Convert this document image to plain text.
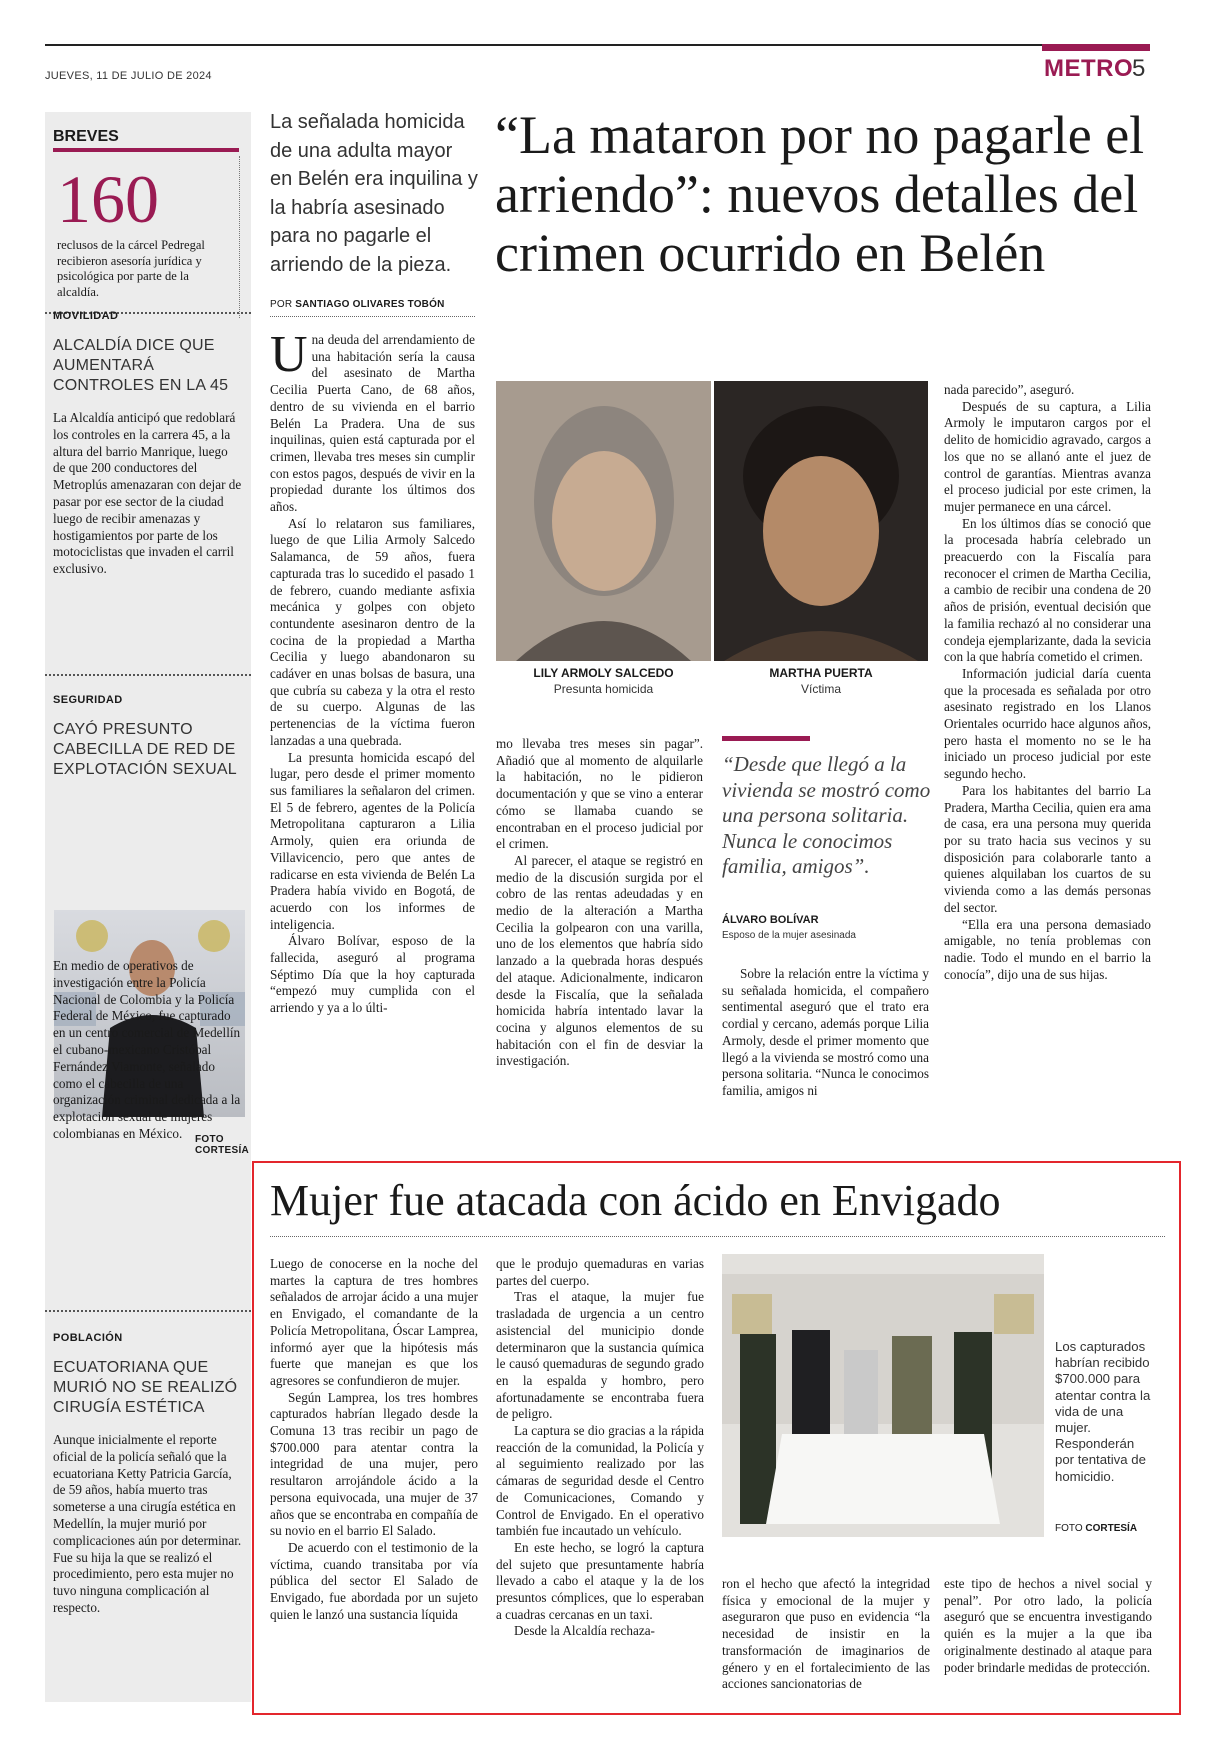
JUEVES, 11 DE JULIO DE 2024	METRO
5
BREVES
160
reclusos de la cárcel Pedregal recibieron asesoría jurídica y psicológica por parte de la alcaldía.
MOVILIDAD
ALCALDÍA DICE QUE AUMENTARÁ CONTROLES EN LA 45
La Alcaldía anticipó que redoblará los controles en la carrera 45, a la altura del barrio Manrique, luego de que 200 conductores del Metroplús amenazaran con dejar de pasar por ese sector de la ciudad luego de recibir amenazas y hostigamientos por parte de los motociclistas que invaden el carril exclusivo.
SEGURIDAD
CAYÓ PRESUNTO CABECILLA DE RED DE EXPLOTACIÓN SEXUAL
FOTO CORTESÍA
En medio de operativos de investigación entre la Policía Nacional de Colombia y la Policía Federal de México, fue capturado en un centro comercial de Medellín el cubano-mexicano Cristóbal Fernández Viamonte, señalado como el cabecilla de una organización criminal dedicada a la explotación sexual de mujeres colombianas en México.
POBLACIÓN
ECUATORIANA QUE MURIÓ NO SE REALIZÓ CIRUGÍA ESTÉTICA
Aunque inicialmente el reporte oficial de la policía señaló que la ecuatoriana Ketty Patricia García, de 59 años, había muerto tras someterse a una cirugía estética en Medellín, la mujer murió por complicaciones aún por determinar. Fue su hija la que se realizó el procedimiento, pero esta mujer no tuvo ninguna complicación al respecto.
La señalada homicida de una adulta mayor en Belén era inquilina y la habría asesinado para no pagarle el arriendo de la pieza.
POR SANTIAGO OLIVARES TOBÓN
“La mataron por no pagarle el arriendo”: nuevos detalles del crimen ocurrido en Belén

Una deuda del arrendamiento de una habitación sería la causa del asesinato de Martha Cecilia Puerta Cano, de 68 años, dentro de su vivienda en el barrio Belén La Pradera. Una de sus inquilinas, quien está capturada por el crimen, llevaba tres meses sin cumplir con estos pagos, después de vivir en la propiedad durante los últimos dos años.

Así lo relataron sus familiares, luego de que Lilia Armoly Salcedo Salamanca, de 59 años, fuera capturada tras lo sucedido el pasado 1 de febrero, cuando mediante asfixia mecánica y golpes con objeto contundente asesinaron dentro de la cocina de la propiedad a Martha Cecilia y luego abandonaron su cadáver en unas bolsas de basura, una que cubría su cabeza y la otra el resto de su cuerpo. Algunas de las pertenencias de la víctima fueron lanzadas a una quebrada.

La presunta homicida escapó del lugar, pero desde el primer momento sus familiares la señalaron del crimen. El 5 de febrero, agentes de la Policía Metropolitana capturaron a Lilia Armoly, quien era oriunda de Villavicencio, pero que antes de radicarse en esta vivienda de Belén La Pradera había vivido en Bogotá, de acuerdo con los informes de inteligencia.

Álvaro Bolívar, esposo de la fallecida, aseguró al programa Séptimo Día que la hoy capturada “empezó muy cumplida con el arriendo y ya a lo últi-

LILY ARMOLY SALCEDO
Presunta homicida
MARTHA PUERTA
Víctima

mo llevaba tres meses sin pagar”. Añadió que al momento de alquilarle la habitación, no le pidieron documentación y que se vino a enterar cómo se llamaba cuando se encontraban en el proceso judicial por el crimen.

Al parecer, el ataque se registró en medio de la discusión surgida por el cobro de las rentas adeudadas y en medio de la alteración a Martha Cecilia la golpearon con una varilla, uno de los elementos que habría sido lanzado a la quebrada horas después del ataque. Adicionalmente, indicaron desde la Fiscalía, que la señalada homicida habría intentado lavar la cocina y algunos elementos de su habitación con el fin de desviar la investigación.

“Desde que llegó a la vivienda se mostró como una persona solitaria. Nunca le conocimos familia, amigos”.
ÁLVARO BOLÍVAR
Esposo de la mujer asesinada

Sobre la relación entre la víctima y su señalada homicida, el compañero sentimental aseguró que el trato era cordial y cercano, además porque Lilia Armoly, desde el primer momento que llegó a la vivienda se mostró como una persona solitaria. “Nunca le conocimos familia, amigos ni

nada parecido”, aseguró.

Después de su captura, a Lilia Armoly le imputaron cargos por el delito de homicidio agravado, cargos a los que no se allanó ante el juez de control de garantías. Mientras avanza el proceso judicial por este crimen, la mujer permanece en una cárcel.

En los últimos días se conoció que la procesada habría celebrado un preacuerdo con la Fiscalía para reconocer el crimen de Martha Cecilia, a cambio de recibir una condena de 20 años de prisión, eventual decisión que la familia rechazó al no considerar una condeja ejemplarizante, dada la sevicia con la que habría cometido el crimen.

Información judicial daría cuenta que la procesada es señalada por otro asesinato registrado en los Llanos Orientales ocurrido hace algunos años, pero hasta el momento no se le ha iniciado un proceso judicial por este segundo hecho.

Para los habitantes del barrio La Pradera, Martha Cecilia, quien era ama de casa, era una persona muy querida por su trato hacia sus vecinos y su disposición para colaborarle tanto a quienes alquilaban los cuartos de su vivienda como a las demás personas del sector.

“Ella era una persona demasiado amigable, no tenía problemas con nadie. Todo el mundo en el barrio la conocía”, dijo una de sus hijas.

Mujer fue atacada con ácido en Envigado

Luego de conocerse en la noche del martes la captura de tres hombres señalados de arrojar ácido a una mujer en Envigado, el comandante de la Policía Metropolitana, Óscar Lamprea, informó ayer que la hipótesis más fuerte que manejan es que los agresores se confundieron de mujer.

Según Lamprea, los tres hombres capturados habrían llegado desde la Comuna 13 tras recibir un pago de $700.000 para atentar contra la integridad de una mujer, pero resultaron arrojándole ácido a la persona equivocada, una mujer de 37 años que se encontraba en compañía de su novio en el barrio El Salado.

De acuerdo con el testimonio de la víctima, cuando transitaba por vía pública del sector El Salado de Envigado, fue abordada por un sujeto quien le lanzó una sustancia líquida

que le produjo quemaduras en varias partes del cuerpo.

Tras el ataque, la mujer fue trasladada de urgencia a un centro asistencial del municipio donde determinaron que la sustancia química le causó quemaduras de segundo grado en la espalda y hombro, pero afortunadamente se encontraba fuera de peligro.

La captura se dio gracias a la rápida reacción de la comunidad, la Policía y al seguimiento realizado por las cámaras de seguridad desde el Centro de Comunicaciones, Comando y Control de Envigado. En el operativo también fue incautado un vehículo.

En este hecho, se logró la captura del sujeto que presuntamente habría llevado a cabo el ataque y la de los presuntos cómplices, que lo esperaban a cuadras cercanas en un taxi.

Desde la Alcaldía rechaza-

Los capturados habrían recibido $700.000 para atentar contra la vida de una mujer. Responderán por tentativa de homicidio.
FOTO CORTESÍA

ron el hecho que afectó la integridad física y emocional de la mujer y aseguraron que puso en evidencia “la necesidad de insistir en la transformación de imaginarios de género y en el fortalecimiento de las acciones sancionatorias de

este tipo de hechos a nivel social y penal”. Por otro lado, la policía aseguró que se encuentra investigando quién es la mujer a la que iba originalmente destinado al ataque para poder brindarle medidas de protección.
